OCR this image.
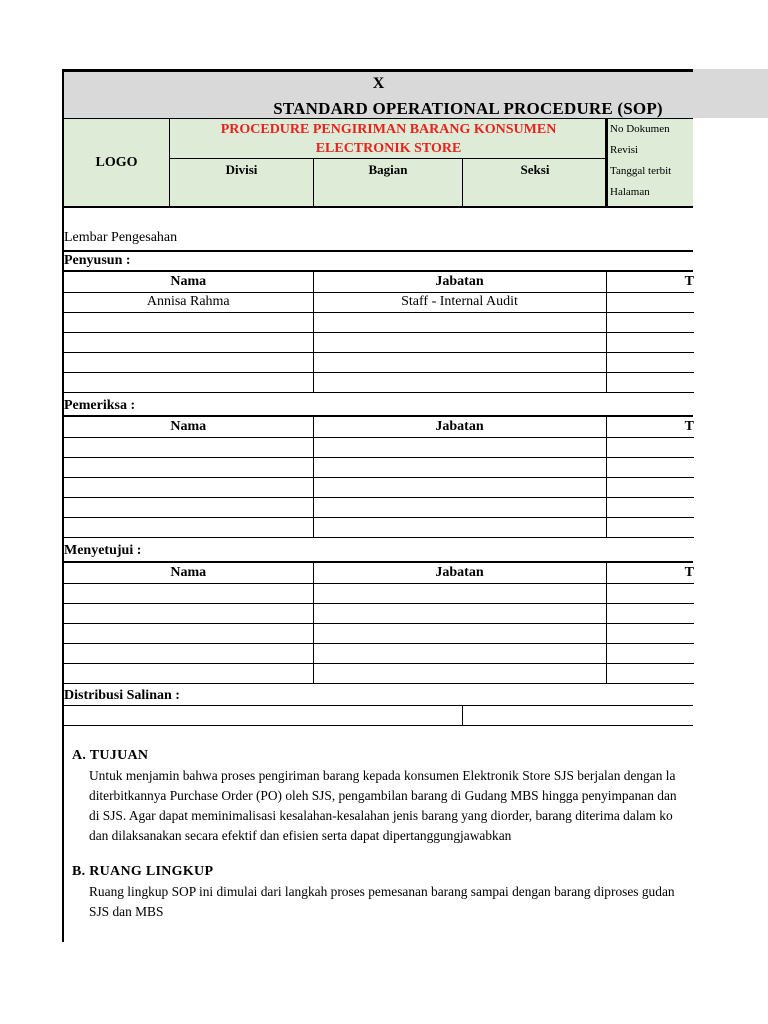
X
STANDARD OPERATIONAL PROCEDURE (SOP)
LOGO
PROCEDURE PENGIRIMAN BARANG KONSUMEN
ELECTRONIK STORE
Divisi	Bagian	Seksi
No Dokumen
Revisi
Tanggal terbit
Halaman
Lembar Pengesahan
Penyusun :
Nama	Jabatan	T
Annisa Rahma	Staff - Internal Audit	

Pemeriksa :
Nama	Jabatan	T

Menyetujui :
Nama	Jabatan	T

Distribusi Salinan :
A. TUJUAN
Untuk menjamin bahwa proses pengiriman barang kepada konsumen Elektronik Store SJS berjalan dengan la
diterbitkannya Purchase Order (PO) oleh SJS, pengambilan barang di Gudang MBS hingga penyimpanan dan
di SJS. Agar dapat meminimalisasi kesalahan-kesalahan jenis barang yang diorder, barang diterima dalam ko
dan dilaksanakan secara efektif dan efisien serta dapat dipertanggungjawabkan
B. RUANG LINGKUP
Ruang lingkup SOP ini dimulai dari langkah proses pemesanan barang sampai dengan barang diproses gudan
SJS dan MBS
